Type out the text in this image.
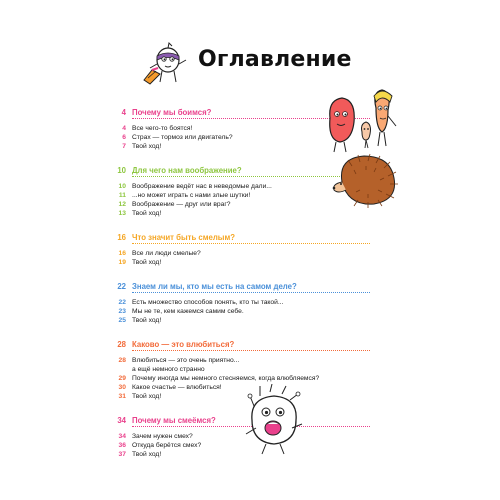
Оглавление
4 Почему мы боимся?
4 Все чего-то боятся!
6 Страх — тормоз или двигатель?
7 Твой ход!
10 Для чего нам воображение?
10 Воображение ведёт нас в неведомые дали...
11 ...но может играть с нами злые шутки!
12 Воображение — друг или враг?
13 Твой ход!
16 Что значит быть смелым?
16 Все ли люди смелые?
19 Твой ход!
22 Знаем ли мы, кто мы есть на самом деле?
22 Есть множество способов понять, кто ты такой...
23 Мы не те, кем кажемся самим себе.
25 Твой ход!
28 Каково — это влюбиться?
28 Влюбиться — это очень приятно...
а ещё немного странно
29 Почему иногда мы немного стесняемся, когда влюбляемся?
30 Какое счастье — влюбиться!
31 Твой ход!
34 Почему мы смеёмся?
34 Зачем нужен смех?
36 Откуда берётся смех?
37 Твой ход!
